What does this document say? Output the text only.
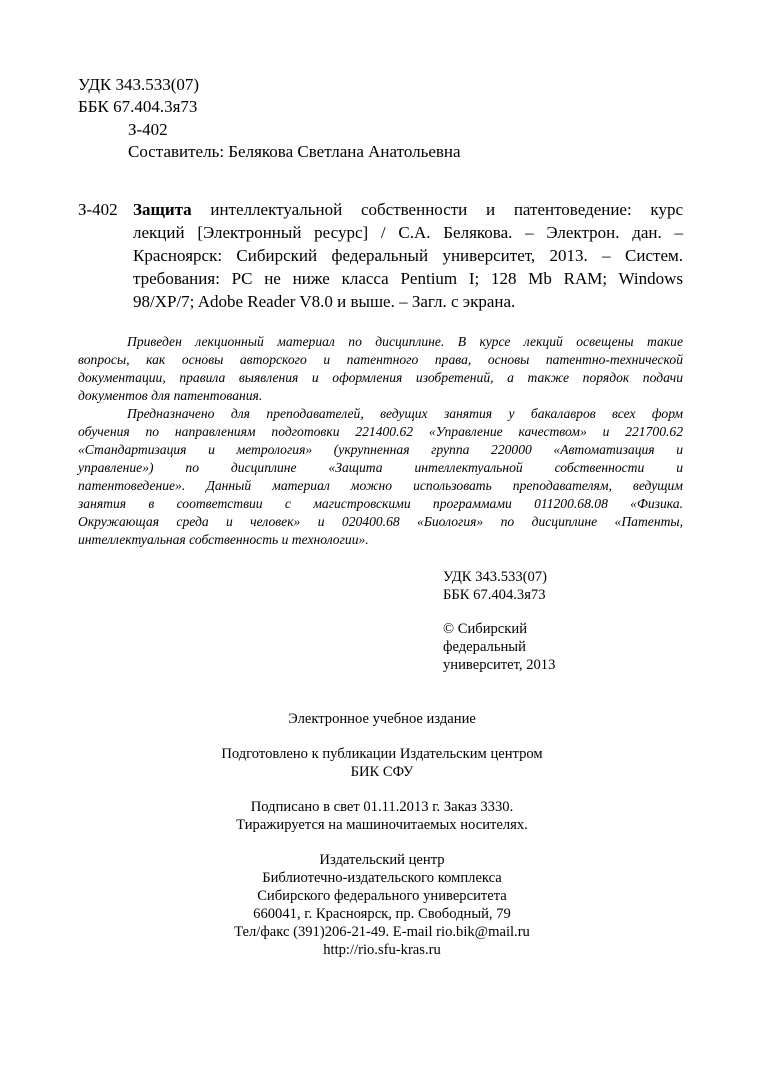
УДК 343.533(07)
ББК 67.404.3я73
З-402
Составитель: Белякова Светлана Анатольевна
З-402 Защита интеллектуальной собственности и патентоведение: курс
лекций [Электронный ресурс] / С.А. Белякова. – Электрон. дан. –
Красноярск: Сибирский федеральный университет, 2013. – Систем.
требования: PC не ниже класса Pentium I; 128 Mb RAM; Windows
98/XP/7; Adobe Reader V8.0 и выше. – Загл. с экрана.
Приведен лекционный материал по дисциплине. В курсе лекций освещены такие
вопросы, как основы авторского и патентного права, основы патентно-технической
документации, правила выявления и оформления изобретений, а также порядок подачи
документов для патентования.
Предназначено для преподавателей, ведущих занятия у бакалавров всех форм
обучения по направлениям подготовки 221400.62 «Управление качеством» и 221700.62
«Стандартизация и метрология» (укрупненная группа 220000 «Автоматизация и
управление») по дисциплине «Защита интеллектуальной собственности и
патентоведение». Данный материал можно использовать преподавателям, ведущим
занятия в соответствии с магистровскими программами 011200.68.08 «Физика.
Окружающая среда и человек» и 020400.68 «Биология» по дисциплине «Патенты,
интеллектуальная собственность и технологии».
УДК 343.533(07)
ББК 67.404.3я73
© Сибирский
федеральный
университет, 2013
Электронное учебное издание
Подготовлено к публикации Издательским центром
БИК СФУ
Подписано в свет 01.11.2013 г. Заказ 3330.
Тиражируется на машиночитаемых носителях.
Издательский центр
Библиотечно-издательского комплекса
Сибирского федерального университета
660041, г. Красноярск, пр. Свободный, 79
Тел/факс (391)206-21-49. E-mail rio.bik@mail.ru
http://rio.sfu-kras.ru
